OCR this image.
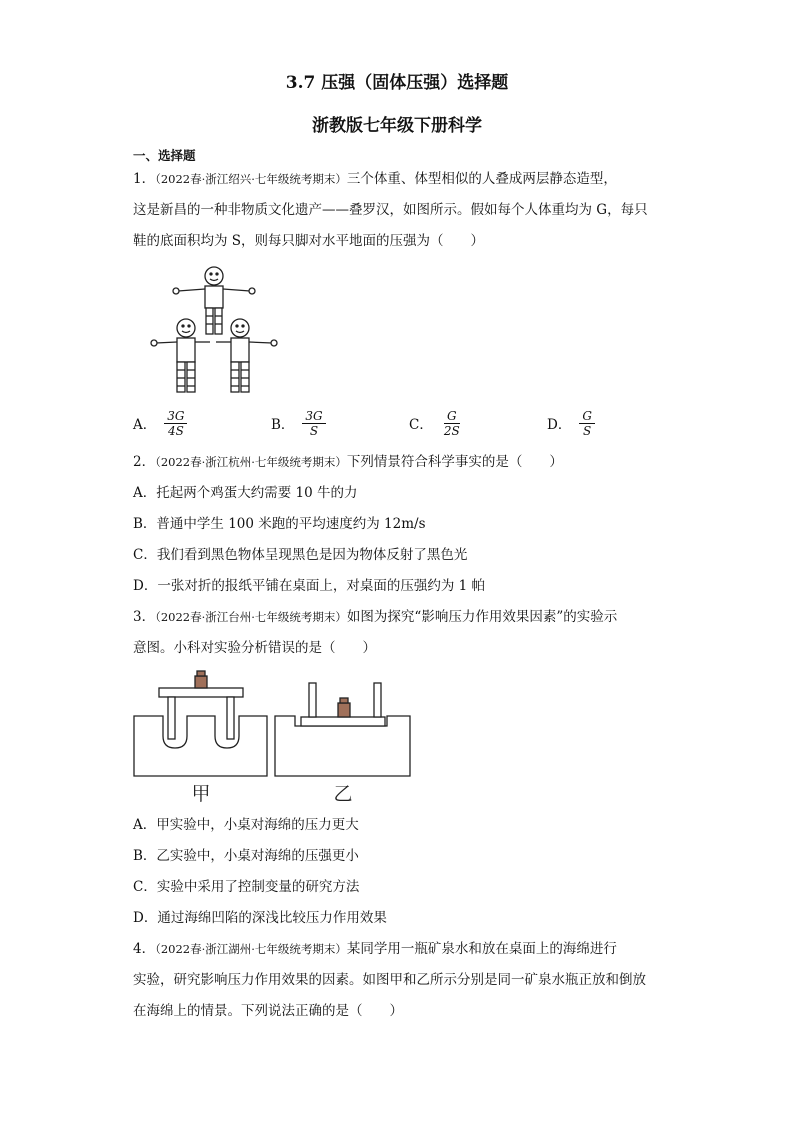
3.7 压强（固体压强）选择题
浙教版七年级下册科学
一、选择题
1．（2022春·浙江绍兴·七年级统考期末）三个体重、体型相似的人叠成两层静态造型，
这是新昌的一种非物质文化遗产——叠罗汉，如图所示。假如每个人体重均为 G，每只
鞋的底面积均为 S，则每只脚对水平地面的压强为（　　）
A． $\frac{3G}{4S}$	B． $\frac{3G}{S}$	C． $\frac{G}{2S}$	D． $\frac{G}{S}$
2．（2022春·浙江杭州·七年级统考期末）下列情景符合科学事实的是（　　）
A．托起两个鸡蛋大约需要 10 牛的力
B．普通中学生 100 米跑的平均速度约为 12m/s
C．我们看到黑色物体呈现黑色是因为物体反射了黑色光
D．一张对折的报纸平铺在桌面上，对桌面的压强约为 1 帕
3．（2022春·浙江台州·七年级统考期末）如图为探究“影响压力作用效果因素”的实验示
意图。小科对实验分析错误的是（　　）
甲	乙
A．甲实验中，小桌对海绵的压力更大
B．乙实验中，小桌对海绵的压强更小
C．实验中采用了控制变量的研究方法
D．通过海绵凹陷的深浅比较压力作用效果
4．（2022春·浙江湖州·七年级统考期末）某同学用一瓶矿泉水和放在桌面上的海绵进行
实验，研究影响压力作用效果的因素。如图甲和乙所示分别是同一矿泉水瓶正放和倒放
在海绵上的情景。下列说法正确的是（　　）
